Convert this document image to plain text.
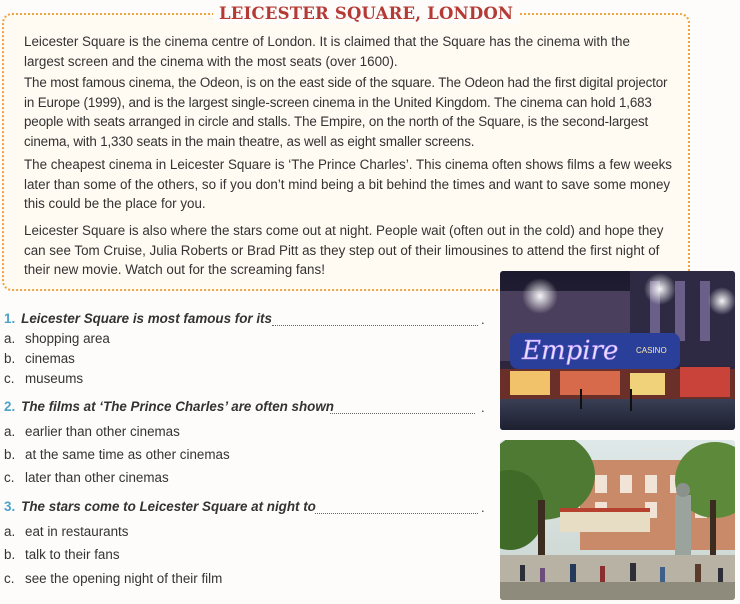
LEICESTER SQUARE, LONDON

Leicester Square is the cinema centre of London. It is claimed that the Square has the cinema with the largest screen and the cinema with the most seats (over 1600).

The most famous cinema, the Odeon, is on the east side of the square. The Odeon had the first digital projector in Europe (1999), and is the largest single-screen cinema in the United Kingdom. The cinema can hold 1,683 people with seats arranged in circle and stalls. The Empire, on the north of the Square, is the second-largest cinema, with 1,330 seats in the main theatre, as well as eight smaller screens.

The cheapest cinema in Leicester Square is ‘The Prince Charles’. This cinema often shows films a few weeks later than some of the others, so if you don’t mind being a bit behind the times and want to save some money this could be the place for you.

Leicester Square is also where the stars come out at night. People wait (often out in the cold) and hope they can see Tom Cruise, Julia Roberts or Brad Pitt as they step out of their limousines to attend the first night of their new movie. Watch out for the screaming fans!

1. Leicester Square is most famous for its	.
a. shopping area
b. cinemas
c. museums
2. The films at ‘The Prince Charles’ are often shown	.
a. earlier than other cinemas
b. at the same time as other cinemas
c. later than other cinemas
3. The stars come to Leicester Square at night to	.
a. eat in restaurants
b. talk to their fans
c. see the opening night of their film
Empire CASINO
